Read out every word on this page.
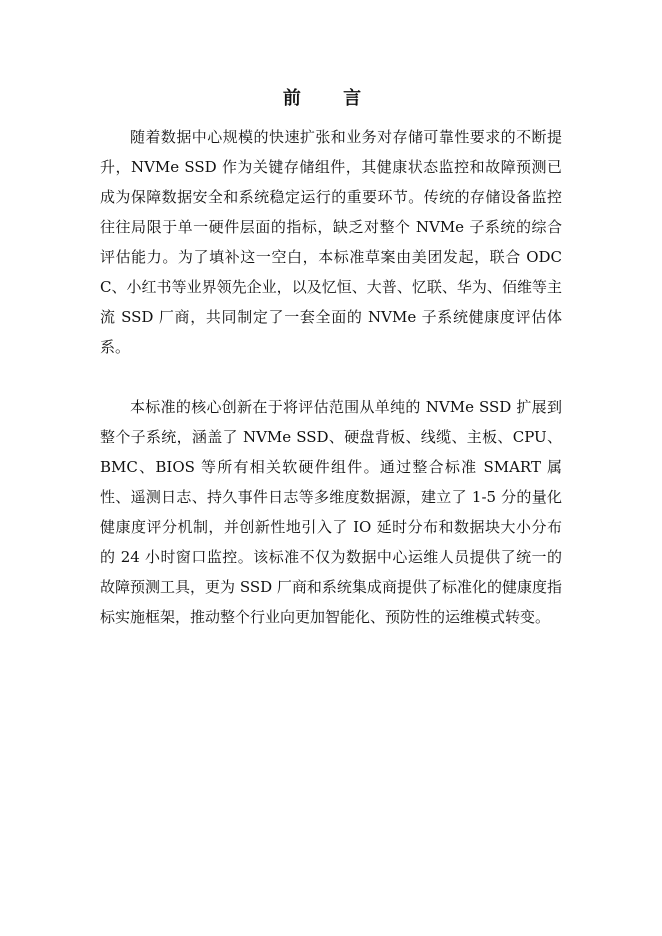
前 言

随着数据中心规模的快速扩张和业务对存储可靠性要求的不断提升，NVMe SSD 作为关键存储组件，其健康状态监控和故障预测已成为保障数据安全和系统稳定运行的重要环节。传统的存储设备监控往往局限于单一硬件层面的指标，缺乏对整个 NVMe 子系统的综合评估能力。为了填补这一空白，本标准草案由美团发起，联合 ODCC、小红书等业界领先企业，以及忆恒、大普、忆联、华为、佰维等主流 SSD 厂商，共同制定了一套全面的 NVMe 子系统健康度评估体系。

本标准的核心创新在于将评估范围从单纯的 NVMe SSD 扩展到整个子系统，涵盖了 NVMe SSD、硬盘背板、线缆、主板、CPU、BMC、BIOS 等所有相关软硬件组件。通过整合标准 SMART 属性、遥测日志、持久事件日志等多维度数据源，建立了 1-5 分的量化健康度评分机制，并创新性地引入了 IO 延时分布和数据块大小分布的 24 小时窗口监控。该标准不仅为数据中心运维人员提供了统一的故障预测工具，更为 SSD 厂商和系统集成商提供了标准化的健康度指标实施框架，推动整个行业向更加智能化、预防性的运维模式转变。
